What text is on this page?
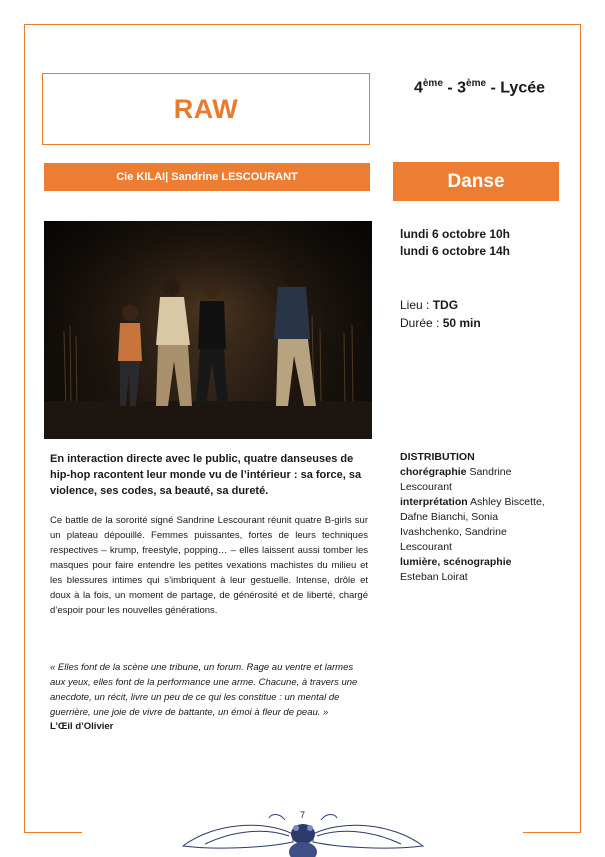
RAW
4ème - 3ème - Lycée
Cie KILAI| Sandrine LESCOURANT	Danse
lundi 6 octobre 10h
lundi 6 octobre 14h
Lieu : TDG
Durée : 50 min
DISTRIBUTION
chorégraphie Sandrine Lescourant
interprétation Ashley Biscette, Dafne Bianchi, Sonia Ivashchenko, Sandrine Lescourant
lumière, scénographie
Esteban Loirat
En interaction directe avec le public, quatre danseuses de hip-hop racontent leur monde vu de l’intérieur : sa force, sa violence, ses codes, sa beauté, sa dureté.
Ce battle de la sororité signé Sandrine Lescourant réunit quatre B-girls sur un plateau dépouillé. Femmes puissantes, fortes de leurs techniques respectives – krump, freestyle, popping… – elles laissent aussi tomber les masques pour faire entendre les petites vexations machistes du milieu et les blessures intimes qui s’imbriquent à leur gestuelle. Intense, drôle et doux à la fois, un moment de partage, de générosité et de liberté, chargé d’espoir pour les nouvelles générations.
« Elles font de la scène une tribune, un forum. Rage au ventre et larmes aux yeux, elles font de la performance une arme. Chacune, à travers une anecdote, un récit, livre un peu de ce qui les constitue : un mental de guerrière, une joie de vivre de battante, un émoi à fleur de peau. »
L’Œil d’Olivier
7
